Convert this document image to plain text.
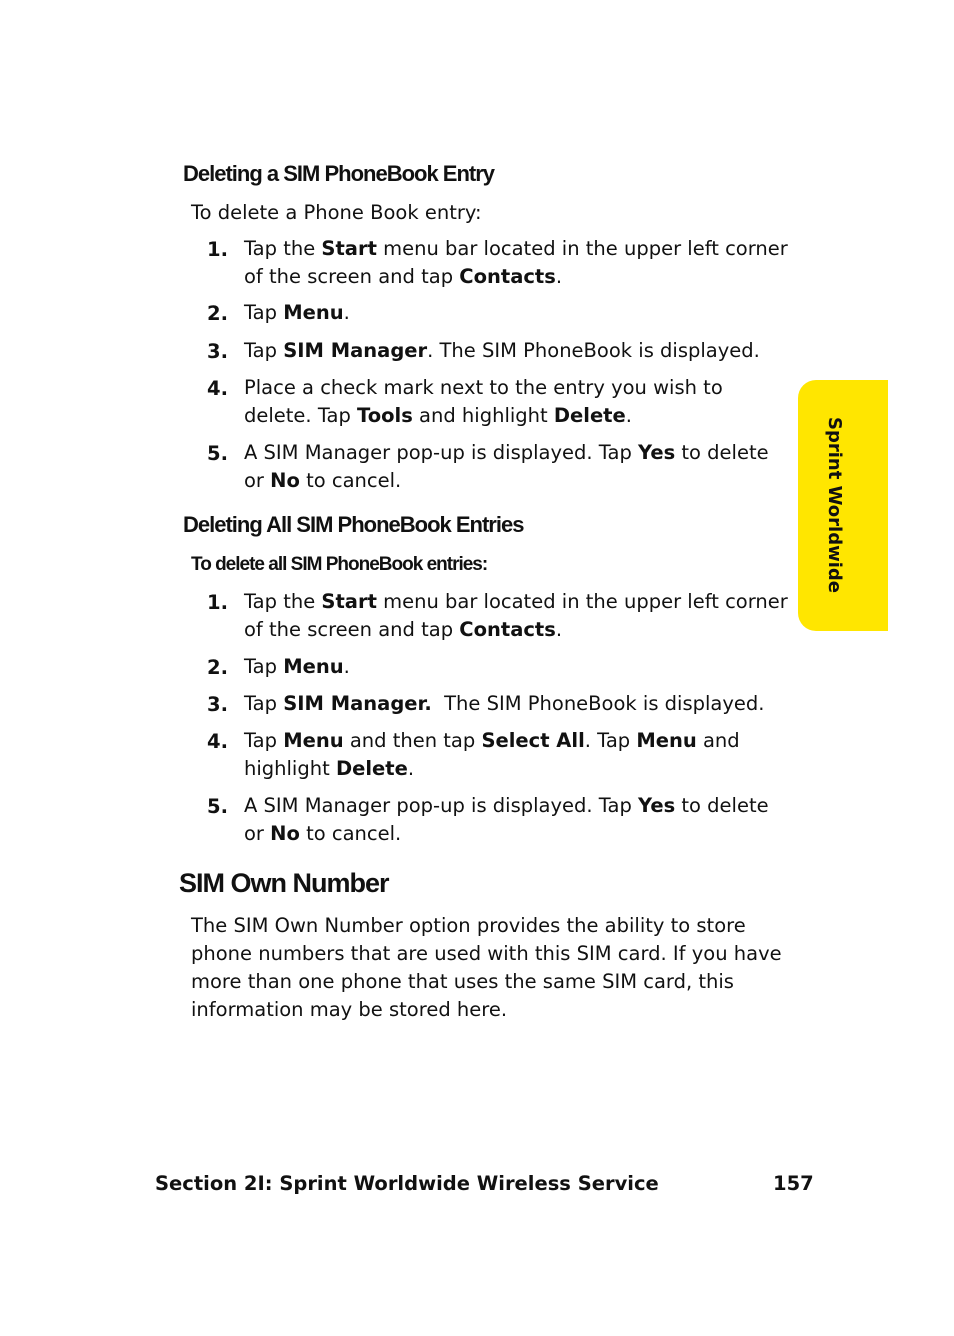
Sprint Worldwide
Deleting a SIM PhoneBook Entry
To delete a Phone Book entry:
1. Tap the Start menu bar located in the upper left corner of the screen and tap Contacts.
2. Tap Menu.
3. Tap SIM Manager. The SIM PhoneBook is displayed.
4. Place a check mark next to the entry you wish to delete. Tap Tools and highlight Delete.
5. A SIM Manager pop-up is displayed. Tap Yes to delete or No to cancel.
Deleting All SIM PhoneBook Entries
To delete all SIM PhoneBook entries:
1. Tap the Start menu bar located in the upper left corner of the screen and tap Contacts.
2. Tap Menu.
3. Tap SIM Manager.  The SIM PhoneBook is displayed.
4. Tap Menu and then tap Select All. Tap Menu and highlight Delete.
5. A SIM Manager pop-up is displayed. Tap Yes to delete or No to cancel.
SIM Own Number
The SIM Own Number option provides the ability to store phone numbers that are used with this SIM card. If you have more than one phone that uses the same SIM card, this information may be stored here.
Section 2I: Sprint Worldwide Wireless Service	157
